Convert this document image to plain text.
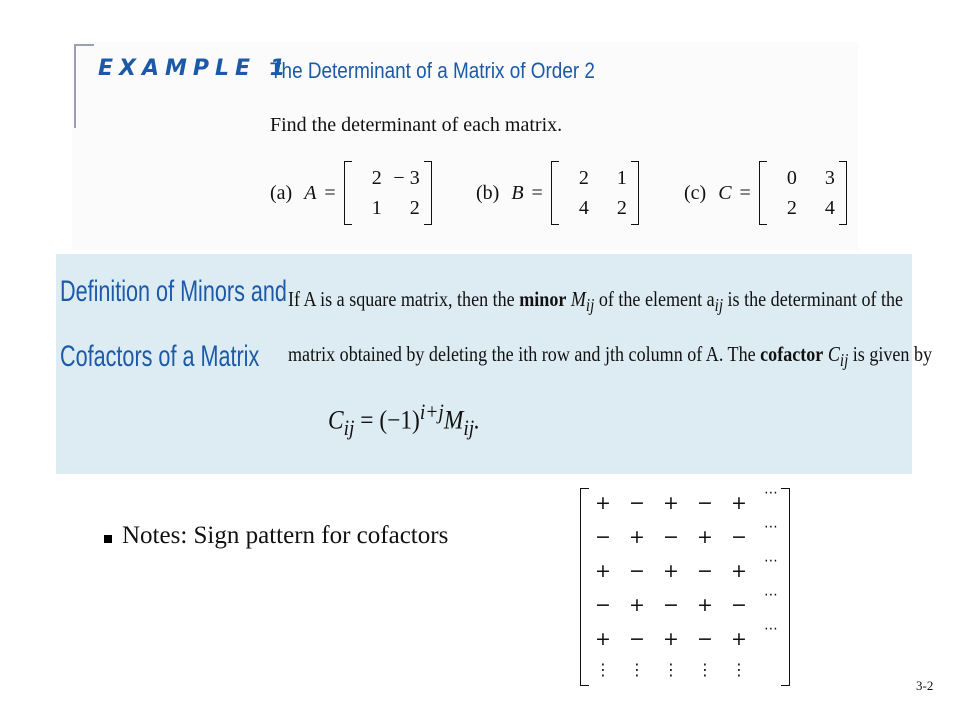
EXAMPLE 1
The Determinant of a Matrix of Order 2
Find the determinant of each matrix.
(a) A =
2 − 3
1	2
(b) B =
2	1
4	2
(c) C =
0	3
2	4
Definition of Minors and
Cofactors of a Matrix
If A is a square matrix, then the minor $M_{ij}$ of the element $a_{ij}$ is the determinant of the
matrix obtained by deleting the ith row and jth column of A. The cofactor $C_{ij}$ is given by
$C_{ij} = (-1)^{i+j}M_{ij}$.
Notes: Sign pattern for cofactors
+ − + − +	⋯
− + − + −	⋯
+ − + − +	⋯
− + − + −	⋯
+ − + − +	⋯
⋮	⋮	⋮	⋮	⋮
3-2
